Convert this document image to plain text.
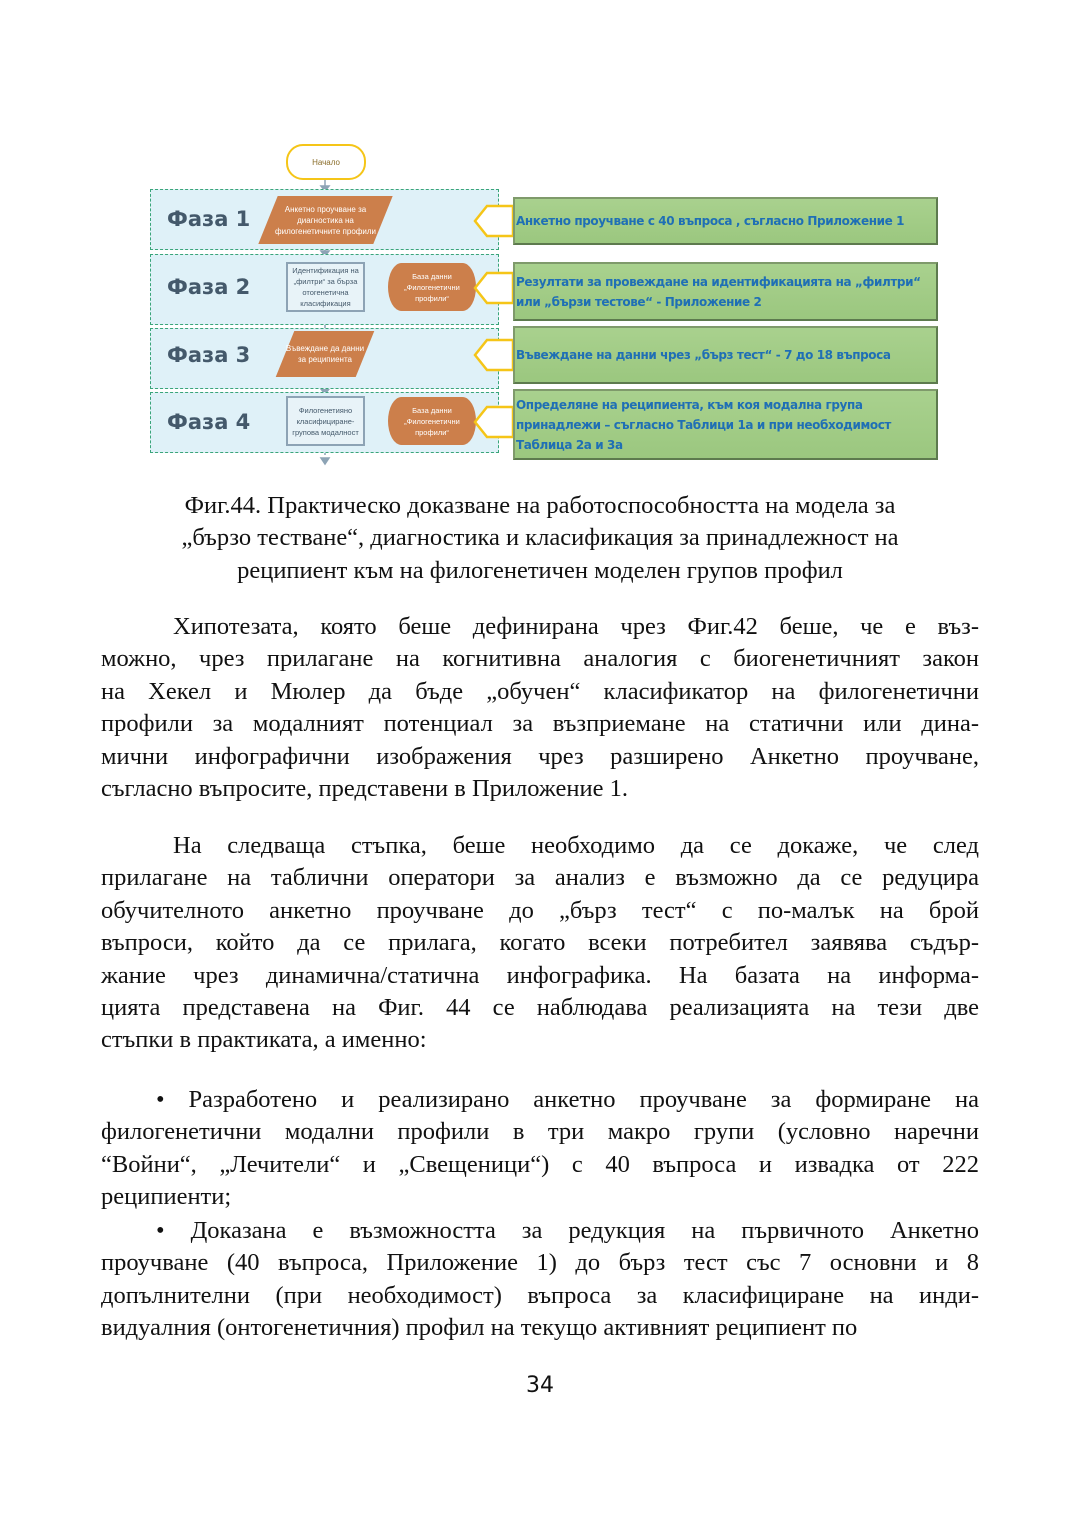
Фаза 1
Фаза 2
Фаза 3
Фаза 4
Начало
Анкетно проучване за диагностика на филогенетичните профили
Идентификация на „филтри“ за бърза отогенетична класификация
База данни „Филогенетични профили“
Въвеждане да данни за реципиента
Филогенетияно класифициране- групова модалност
База данни „Филогенетични профили“
Анкетно проучване с 40 въпроса , съгласно Приложение 1
Резултати за провеждане на идентификацията на „филтри“ или „бързи тестове“ - Приложение 2
Въвеждане на данни чрез „бърз тест“ - 7 до 18 въпроса
Определяне на реципиента, към коя модална група принадлежи – съгласно Таблици 1а и при необходимост Таблица 2а и 3а
Фиг.44. Практическо доказване на работоспособността на модела за
„бързо тестване“, диагностика и класификация за принадлежност на
реципиент към на филогенетичен моделен групов профил
Хипотезата, която беше дефинирана чрез Фиг.42 беше, че е въз-
можно, чрез прилагане на когнитивна аналогия с биогенетичният закон
на Хекел и Мюлер да бъде „обучен“ класификатор на филогенетични
профили за модалният потенциал за възприемане на статични или дина-
мични инфографични изображения чрез разширено Анкетно проучване,
съгласно въпросите, представени в Приложение 1.
На следваща стъпка, беше необходимо да се докаже, че след
прилагане на таблични оператори за анализ е възможно да се редуцира
обучителното анкетно проучване до „бърз тест“ с по-малък на брой
въпроси, който да се прилага, когато всеки потребител заявява съдър-
жание чрез динамична/статична инфографика. На базата на информа-
цията представена на Фиг. 44 се наблюдава реализацията на тези две
стъпки в практиката, а именно:
• Разработено и реализирано анкетно проучване за формиране на
филогенетични модални профили в три макро групи (условно наречни
“Войни“, „Лечители“ и „Свещеници“) с 40 въпроса и извадка от 222
реципиенти;
• Доказана е възможността за редукция на първичното Анкетно
проучване (40 въпроса, Приложение 1) до бърз тест със 7 основни и 8
допълнителни (при необходимост) въпроса за класифициране на инди-
видуалния (онтогенетичния) профил на текущо активният реципиент по
34
